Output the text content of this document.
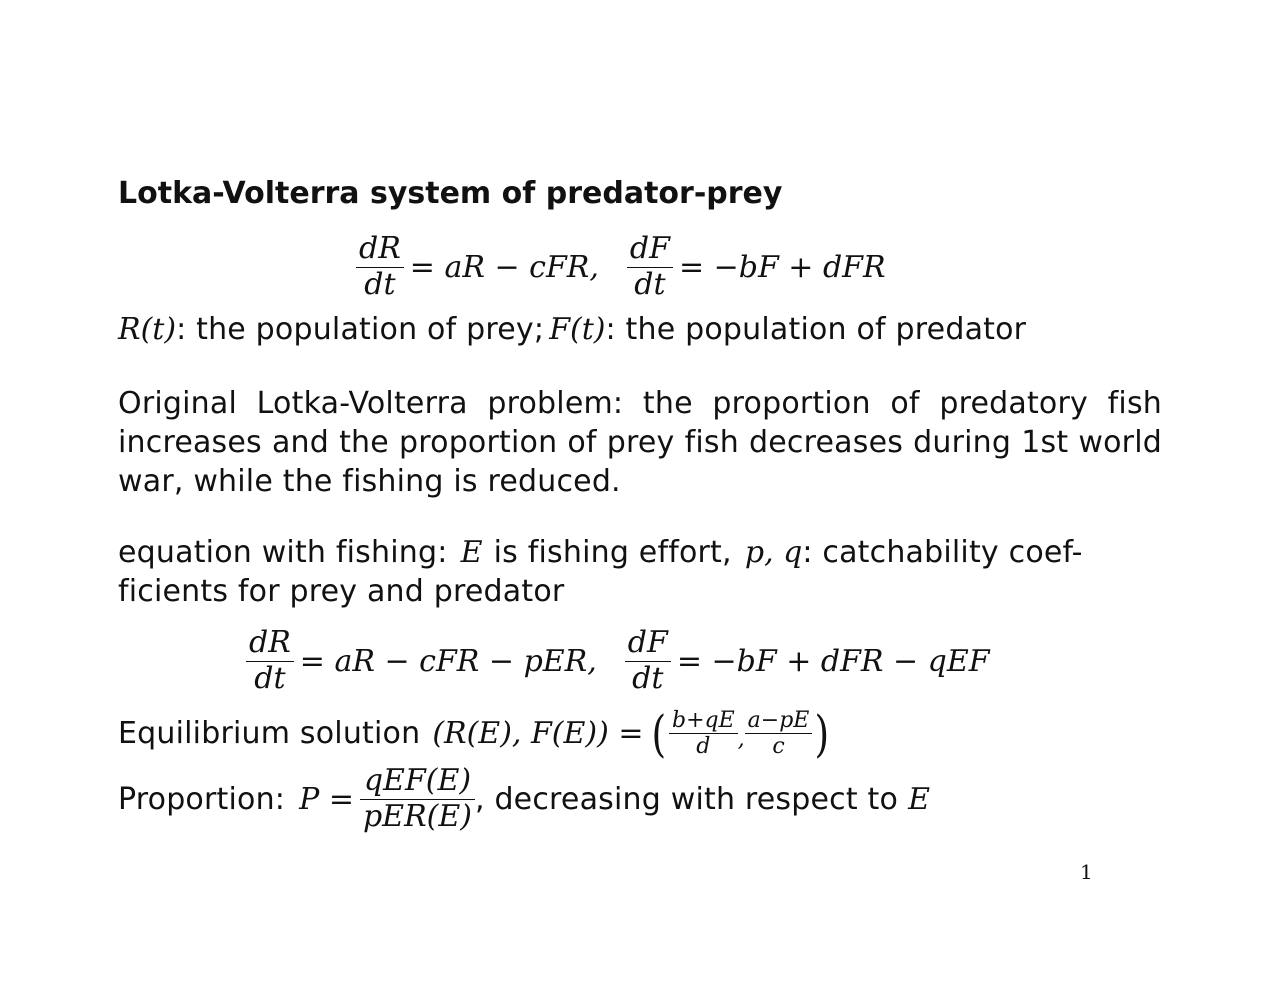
Lotka-Volterra system of predator-prey
$\frac{dR}{dt}$ = aR − cFR, $\frac{dF}{dt} = -bF$ + dFR
R(t): the population of prey; F(t): the population of predator
Original Lotka-Volterra problem: the proportion of predatory fish increases and the proportion of prey fish decreases during 1st world war, while the fishing is reduced.
equation with fishing: E is fishing effort, p, q: catchability coef-
ficients for prey and predator
$\frac{dR}{dt}$ = aR − cFR − pER, $\frac{dF}{dt} = -bF$ + dFR − qEF
Equilibrium solution (R(E), F(E)) = ( $\frac{b+qE}{d}$ , $\frac{a-pE}{c}$ )
Proportion: $P = \frac{\text{qEF(E)}}{\text{pER(E)}}$ , decreasing with respect to E
1
